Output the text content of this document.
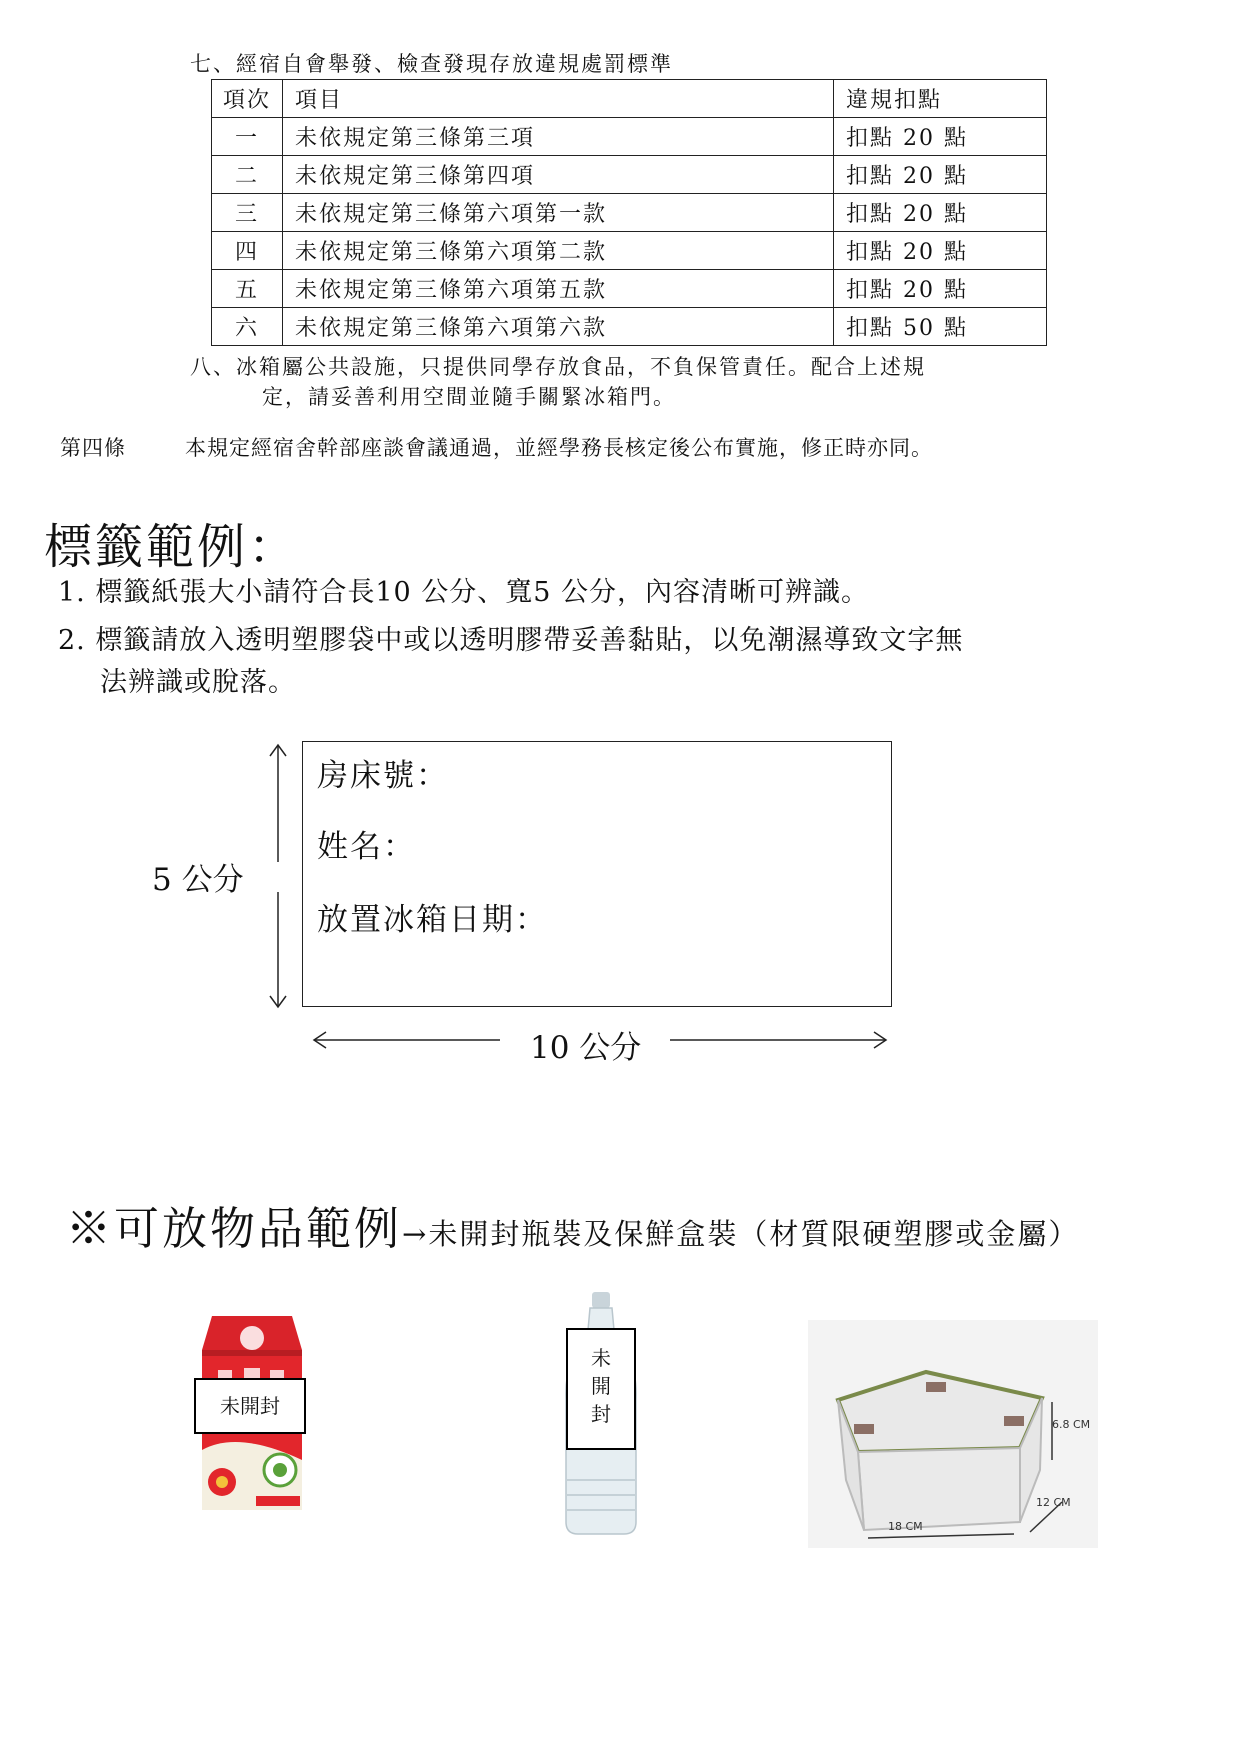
七、經宿自會舉發、檢查發現存放違規處罰標準
項次	項目	違規扣點
一	未依規定第三條第三項	扣點 20 點
二	未依規定第三條第四項	扣點 20 點
三	未依規定第三條第六項第一款	扣點 20 點
四	未依規定第三條第六項第二款	扣點 20 點
五	未依規定第三條第六項第五款	扣點 20 點
六	未依規定第三條第六項第六款	扣點 50 點
八、冰箱屬公共設施，只提供同學存放食品，不負保管責任。配合上述規
定，請妥善利用空間並隨手關緊冰箱門。
第四條	本規定經宿舍幹部座談會議通過，並經學務長核定後公布實施，修正時亦同。
標籤範例：
1. 標籤紙張大小請符合長10 公分、寬5 公分，內容清晰可辨識。
2. 標籤請放入透明塑膠袋中或以透明膠帶妥善黏貼，以免潮濕導致文字無
法辨識或脫落。
5 公分
房床號：
姓名：
放置冰箱日期：
10 公分
※可放物品範例→未開封瓶裝及保鮮盒裝（材質限硬塑膠或金屬）
未開封
未
開
封	6.8 CM
12 CM
18 CM
